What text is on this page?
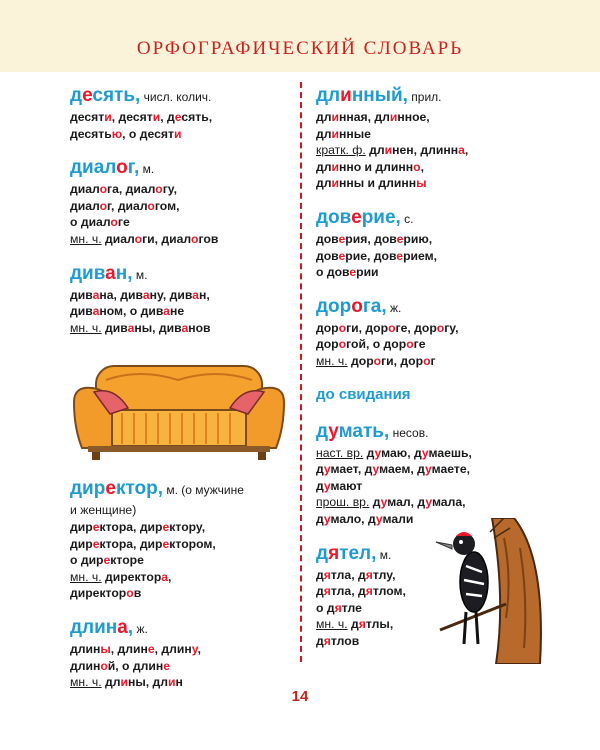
ОРФОГРАФИЧЕСКИЙ СЛОВАРЬ
десять, числ. колич.
десяти, десяти, десять,
десятью, о десяти
диалог, м.
диалога, диалогу,
диалог, диалогом,
о диалоге
мн. ч. диалоги, диалогов
диван, м.
дивана, дивану, диван,
диваном, о диване
мн. ч. диваны, диванов
директор, м. (о мужчине
и женщине)
директора, директору,
директора, директором,
о директоре
мн. ч. директора,
директоров
длина, ж.
длины, длине, длину,
длиной, о длине
мн. ч. длины, длин
длинный, прил.
длинная, длинное,
длинные
кратк. ф. длинен, длинна,
длинно и длинно,
длинны и длинны
доверие, с.
доверия, доверию,
доверие, доверием,
о доверии
дорога, ж.
дороги, дороге, дорогу,
дорогой, о дороге
мн. ч. дороги, дорог
до свидания
думать, несов.
наст. вр. думаю, думаешь,
думает, думаем, думаете,
думают
прош. вр. думал, думала,
думало, думали
дятел, м.
дятла, дятлу,
дятла, дятлом,
о дятле
мн. ч. дятлы,
дятлов
14
